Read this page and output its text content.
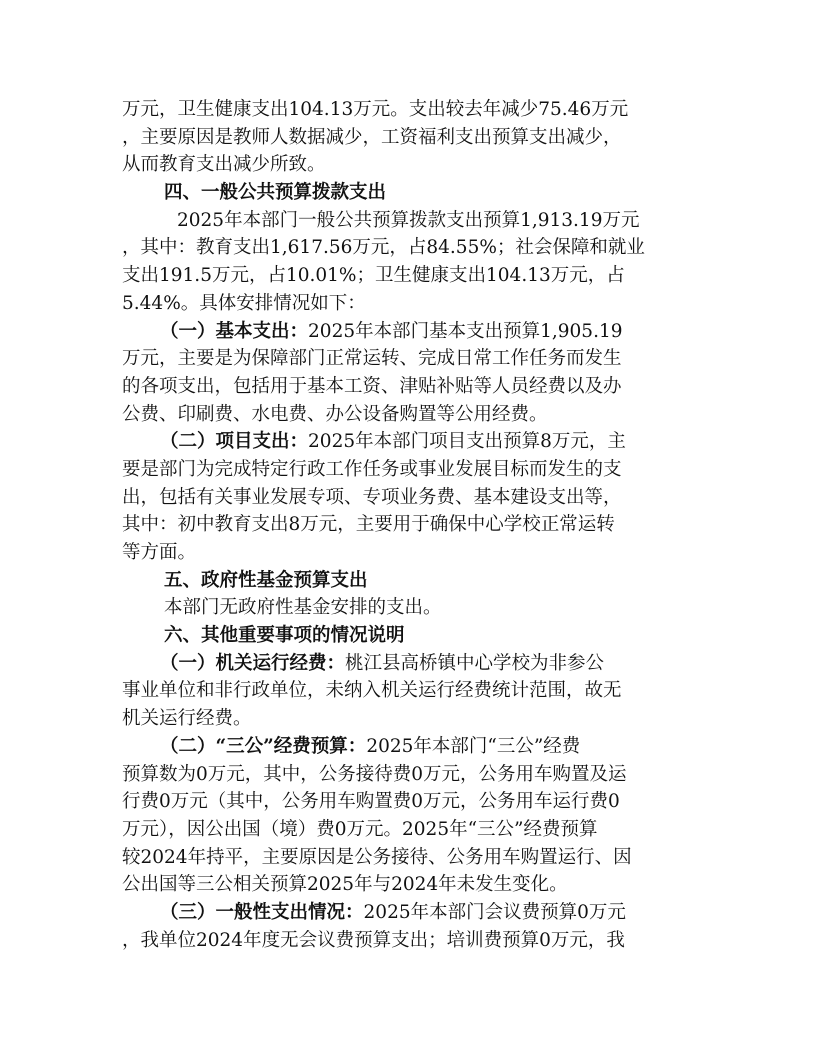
万元，卫生健康支出104.13万元。支出较去年减少75.46万元
，主要原因是教师人数据减少，工资福利支出预算支出减少，
从而教育支出减少所致。
四、一般公共预算拨款支出
2025年本部门一般公共预算拨款支出预算1,913.19万元
，其中：教育支出1,617.56万元，占84.55%；社会保障和就业
支出191.5万元，占10.01%；卫生健康支出104.13万元，占
5.44%。具体安排情况如下：
（一）基本支出：2025年本部门基本支出预算1,905.19
万元，主要是为保障部门正常运转、完成日常工作任务而发生
的各项支出，包括用于基本工资、津贴补贴等人员经费以及办
公费、印刷费、水电费、办公设备购置等公用经费。
（二）项目支出：2025年本部门项目支出预算8万元，主
要是部门为完成特定行政工作任务或事业发展目标而发生的支
出，包括有关事业发展专项、专项业务费、基本建设支出等，
其中：初中教育支出8万元，主要用于确保中心学校正常运转
等方面。
五、政府性基金预算支出
本部门无政府性基金安排的支出。
六、其他重要事项的情况说明
（一）机关运行经费：桃江县高桥镇中心学校为非参公
事业单位和非行政单位，未纳入机关运行经费统计范围，故无
机关运行经费。
（二）“三公”经费预算：2025年本部门“三公”经费
预算数为0万元，其中，公务接待费0万元，公务用车购置及运
行费0万元（其中，公务用车购置费0万元，公务用车运行费0
万元），因公出国（境）费0万元。2025年“三公”经费预算
较2024年持平，主要原因是公务接待、公务用车购置运行、因
公出国等三公相关预算2025年与2024年未发生变化。
（三）一般性支出情况：2025年本部门会议费预算0万元
，我单位2024年度无会议费预算支出；培训费预算0万元，我
